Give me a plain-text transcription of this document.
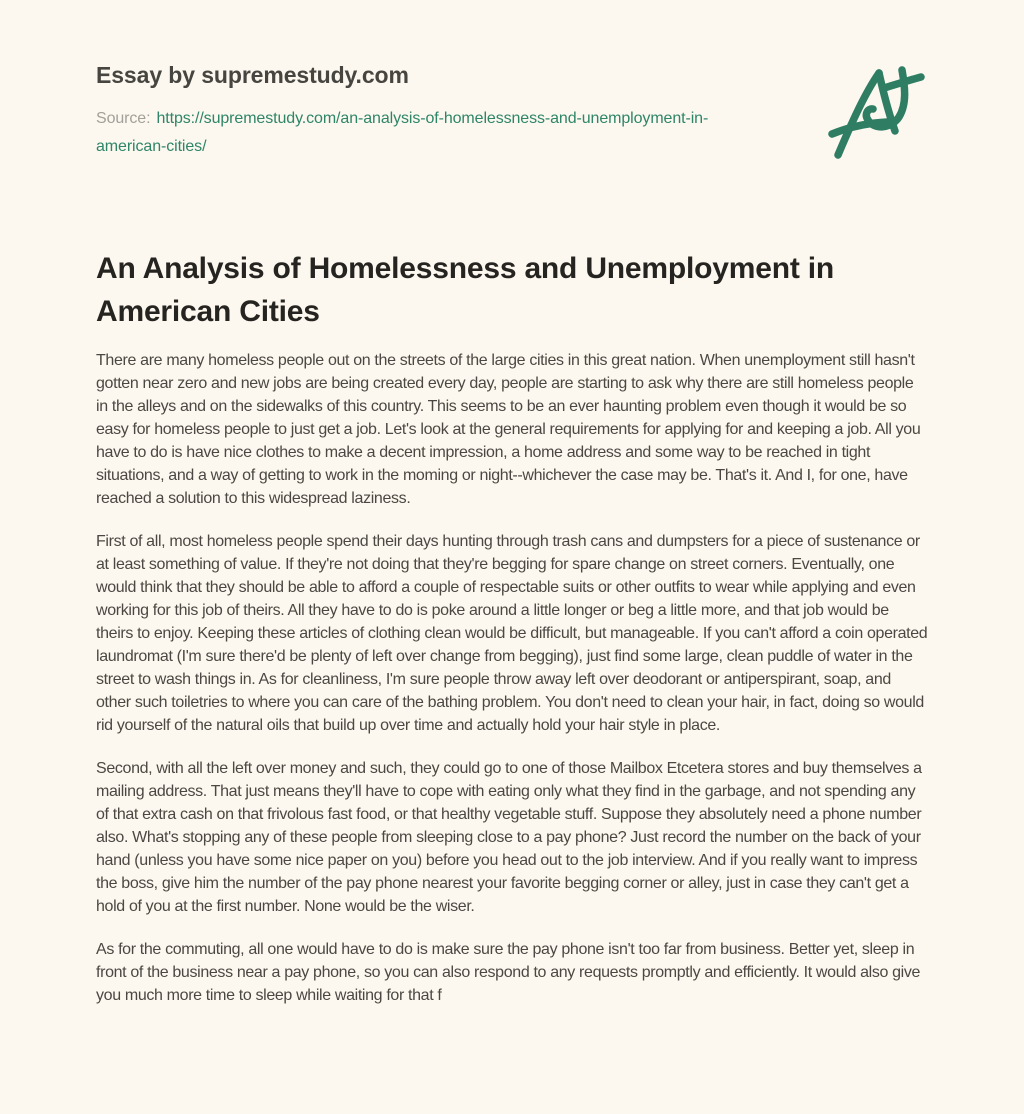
Essay by supremestudy.com

Source: https://supremestudy.com/an-analysis-of-homelessness-and-unemployment-in-american-cities/

An Analysis of Homelessness and Unemployment in American Cities

There are many homeless people out on the streets of the large cities in this great nation. When unemployment still hasn't gotten near zero and new jobs are being created every day, people are starting to ask why there are still homeless people in the alleys and on the sidewalks of this country. This seems to be an ever haunting problem even though it would be so easy for homeless people to just get a job. Let's look at the general requirements for applying for and keeping a job. All you have to do is have nice clothes to make a decent impression, a home address and some way to be reached in tight situations, and a way of getting to work in the moming or night--whichever the case may be. That's it. And I, for one, have reached a solution to this widespread laziness.

First of all, most homeless people spend their days hunting through trash cans and dumpsters for a piece of sustenance or at least something of value. If they're not doing that they're begging for spare change on street corners. Eventually, one would think that they should be able to afford a couple of respectable suits or other outfits to wear while applying and even working for this job of theirs. All they have to do is poke around a little longer or beg a little more, and that job would be theirs to enjoy. Keeping these articles of clothing clean would be difficult, but manageable. If you can't afford a coin operated laundromat (I'm sure there'd be plenty of left over change from begging), just find some large, clean puddle of water in the street to wash things in. As for cleanliness, I'm sure people throw away left over deodorant or antiperspirant, soap, and other such toiletries to where you can care of the bathing problem. You don't need to clean your hair, in fact, doing so would rid yourself of the natural oils that build up over time and actually hold your hair style in place.

Second, with all the left over money and such, they could go to one of those Mailbox Etcetera stores and buy themselves a mailing address. That just means they'll have to cope with eating only what they find in the garbage, and not spending any of that extra cash on that frivolous fast food, or that healthy vegetable stuff. Suppose they absolutely need a phone number also. What's stopping any of these people from sleeping close to a pay phone? Just record the number on the back of your hand (unless you have some nice paper on you) before you head out to the job interview. And if you really want to impress the boss, give him the number of the pay phone nearest your favorite begging corner or alley, just in case they can't get a hold of you at the first number. None would be the wiser.

As for the commuting, all one would have to do is make sure the pay phone isn't too far from business. Better yet, sleep in front of the business near a pay phone, so you can also respond to any requests promptly and efficiently. It would also give you much more time to sleep while waiting for that f
